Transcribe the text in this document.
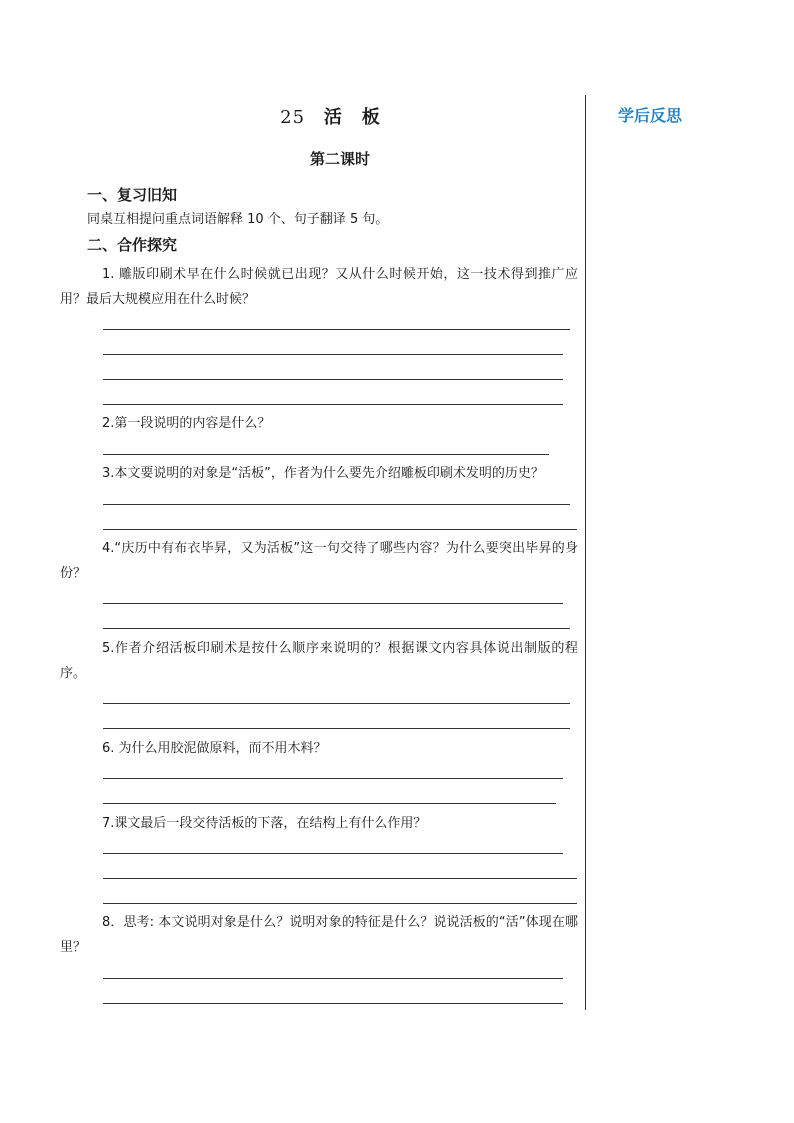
25 活板
第二课时
一、复习旧知
同桌互相提问重点词语解释 10 个、句子翻译 5 句。
二、合作探究
1. 雕版印刷术早在什么时候就已出现？又从什么时候开始，这一技术得到推广应用？最后大规模应用在什么时候？
2.第一段说明的内容是什么？
3.本文要说明的对象是“活板”，作者为什么要先介绍雕板印刷术发明的历史？
4.“庆历中有布衣毕昇，又为活板”这一句交待了哪些内容？为什么要突出毕昇的身份？
5.作者介绍活板印刷术是按什么顺序来说明的？根据课文内容具体说出制版的程序。
6. 为什么用胶泥做原料，而不用木料？
7.课文最后一段交待活板的下落，在结构上有什么作用？
8．思考: 本文说明对象是什么？说明对象的特征是什么？说说活板的“活”体现在哪里？
学后反思
